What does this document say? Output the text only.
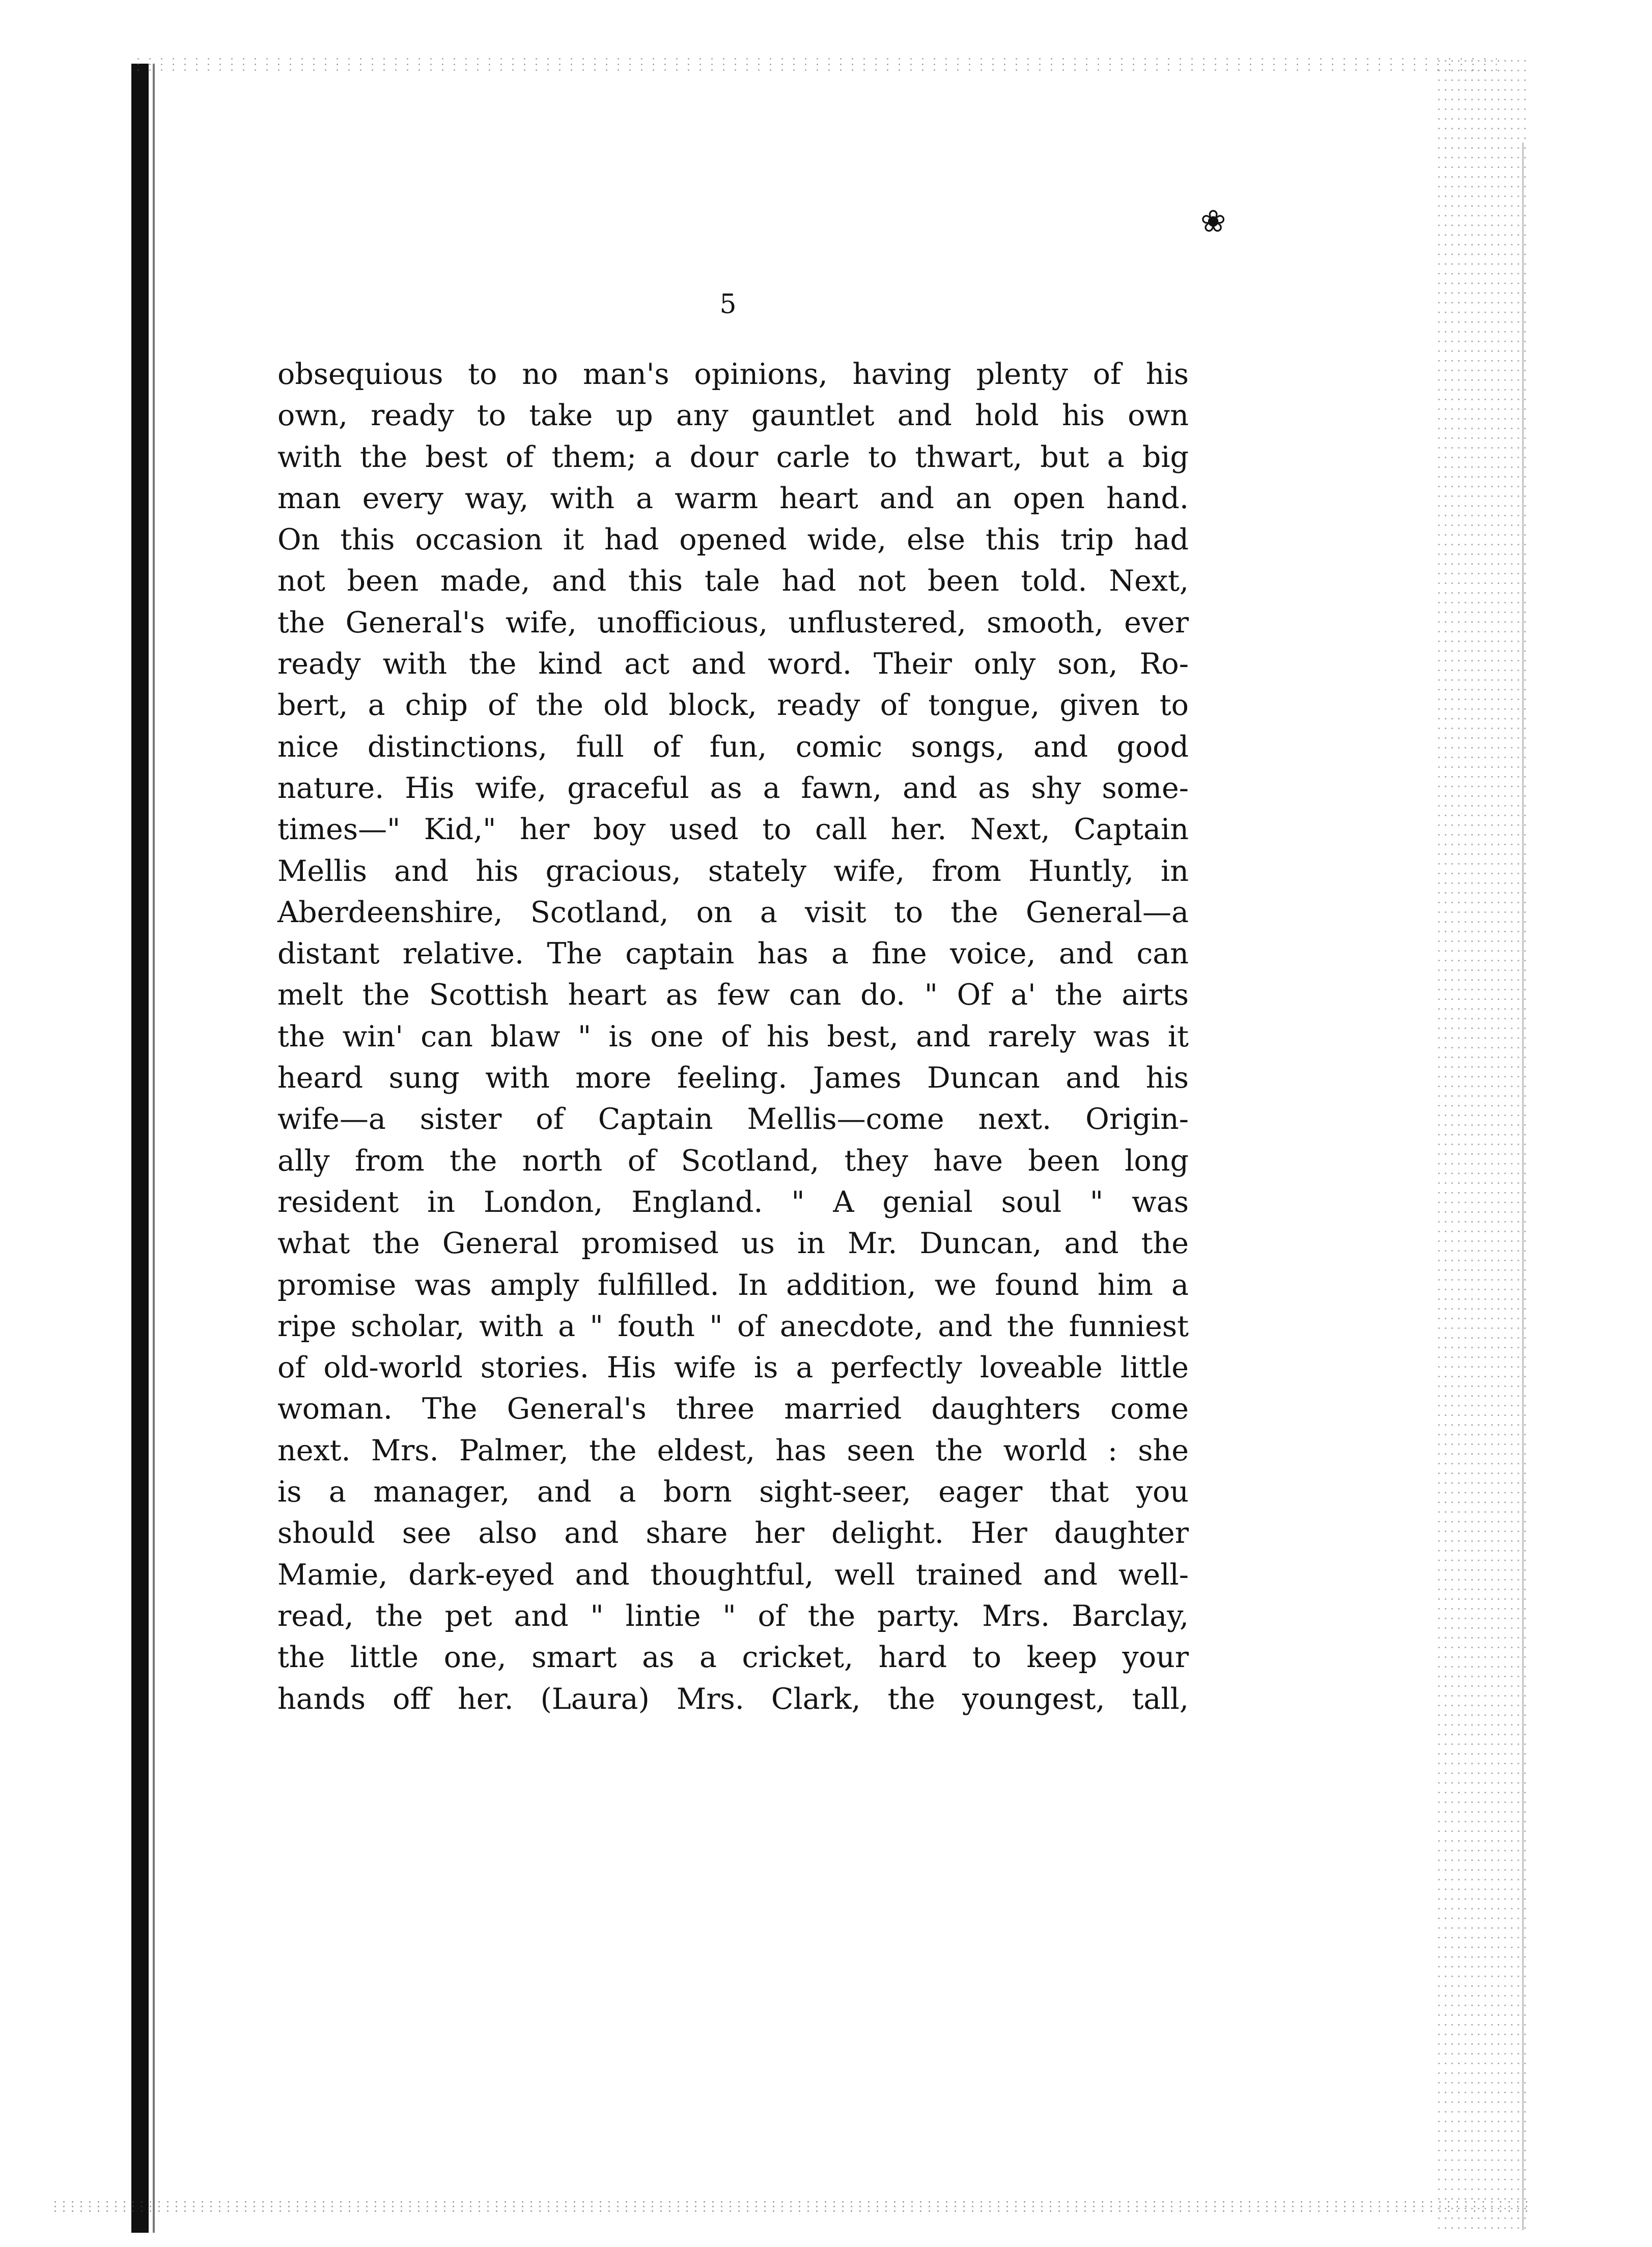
❀
5
obsequious to no man's opinions, having plenty of his
own, ready to take up any gauntlet and hold his own
with the best of them; a dour carle to thwart, but a big
man every way, with a warm heart and an open hand.
On this occasion it had opened wide, else this trip had
not been made, and this tale had not been told. Next,
the General's wife, unofficious, unflustered, smooth, ever
ready with the kind act and word. Their only son, Ro-
bert, a chip of the old block, ready of tongue, given to
nice distinctions, full of fun, comic songs, and good
nature. His wife, graceful as a fawn, and as shy some-
times—" Kid," her boy used to call her. Next, Captain
Mellis and his gracious, stately wife, from Huntly, in
Aberdeenshire, Scotland, on a visit to the General—a
distant relative. The captain has a fine voice, and can
melt the Scottish heart as few can do. " Of a' the airts
the win' can blaw " is one of his best, and rarely was it
heard sung with more feeling. James Duncan and his
wife—a sister of Captain Mellis—come next. Origin-
ally from the north of Scotland, they have been long
resident in London, England. " A genial soul " was
what the General promised us in Mr. Duncan, and the
promise was amply fulfilled. In addition, we found him a
ripe scholar, with a " fouth " of anecdote, and the funniest
of old-world stories. His wife is a perfectly loveable little
woman. The General's three married daughters come
next. Mrs. Palmer, the eldest, has seen the world : she
is a manager, and a born sight-seer, eager that you
should see also and share her delight. Her daughter
Mamie, dark-eyed and thoughtful, well trained and well-
read, the pet and " lintie " of the party. Mrs. Barclay,
the little one, smart as a cricket, hard to keep your
hands off her. (Laura) Mrs. Clark, the youngest, tall,
